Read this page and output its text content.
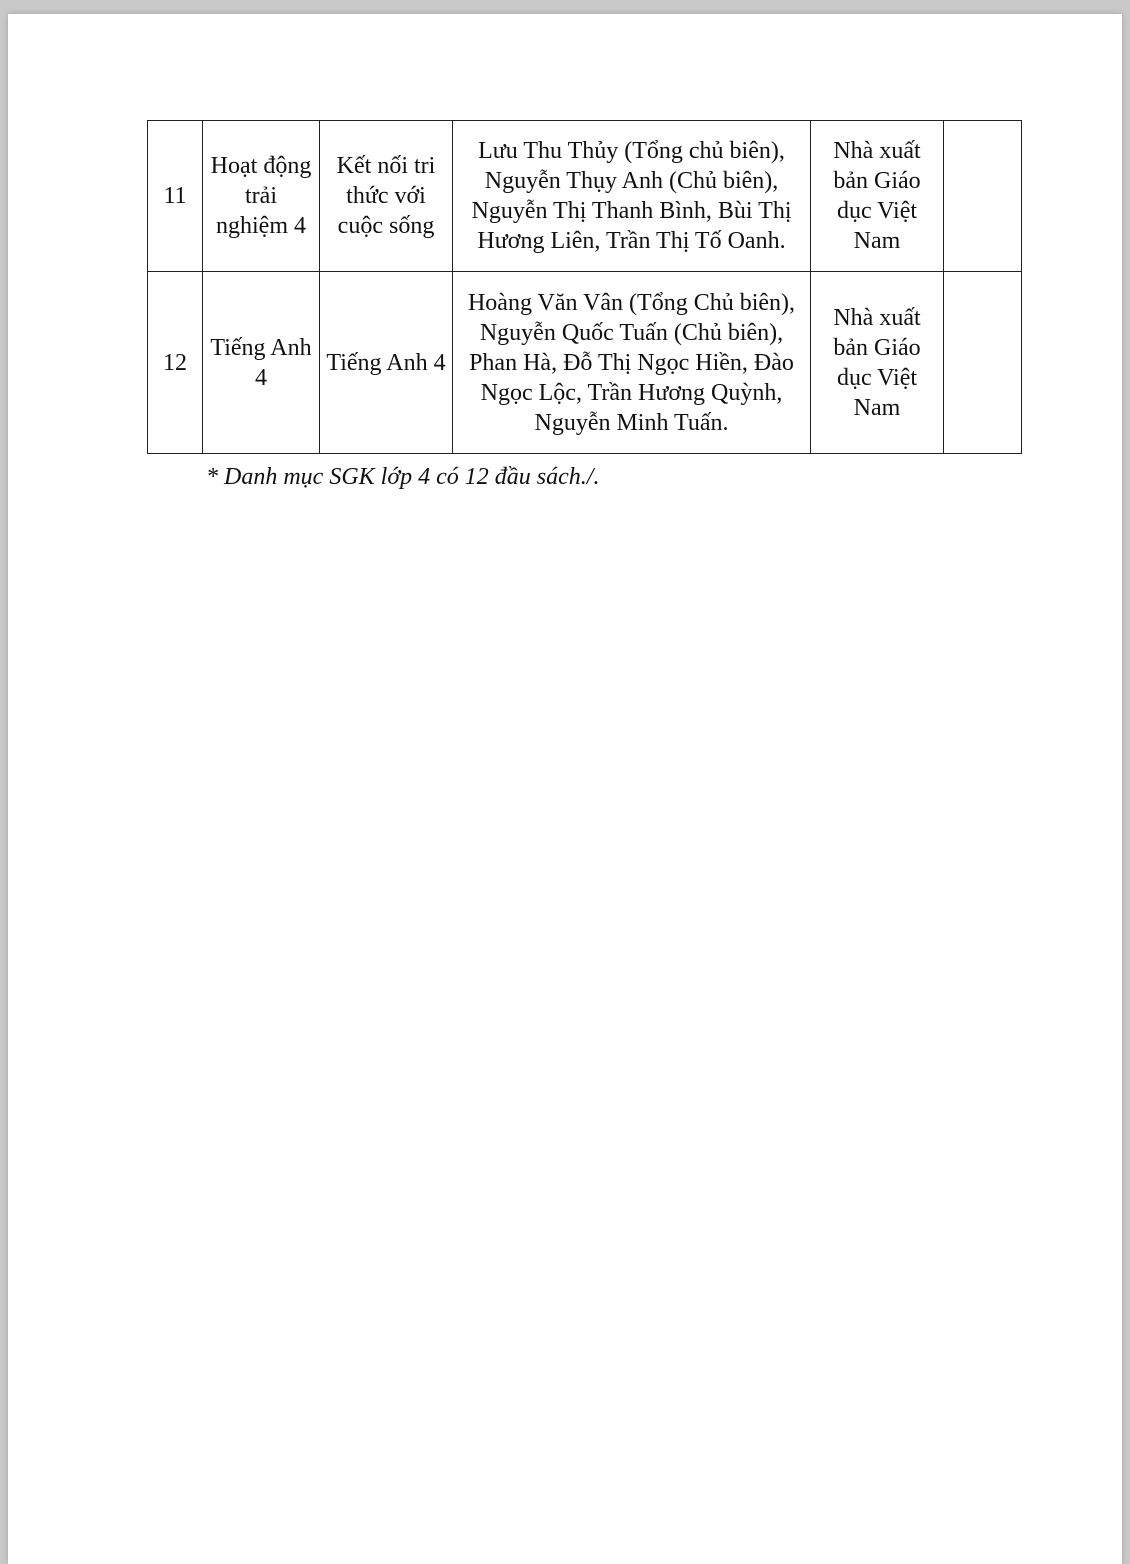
11	Hoạt động trải nghiệm 4	Kết nối tri thức với cuộc sống	Lưu Thu Thủy (Tổng chủ biên), Nguyễn Thụy Anh (Chủ biên), Nguyễn Thị Thanh Bình, Bùi Thị Hương Liên, Trần Thị Tố Oanh.	Nhà xuất bản Giáo dục Việt Nam	
12	Tiếng Anh 4	Tiếng Anh 4	Hoàng Văn Vân (Tổng Chủ biên), Nguyễn Quốc Tuấn (Chủ biên), Phan Hà, Đỗ Thị Ngọc Hiền, Đào Ngọc Lộc, Trần Hương Quỳnh, Nguyễn Minh Tuấn.	Nhà xuất bản Giáo dục Việt Nam	
* Danh mục SGK lớp 4 có 12 đầu sách./.
